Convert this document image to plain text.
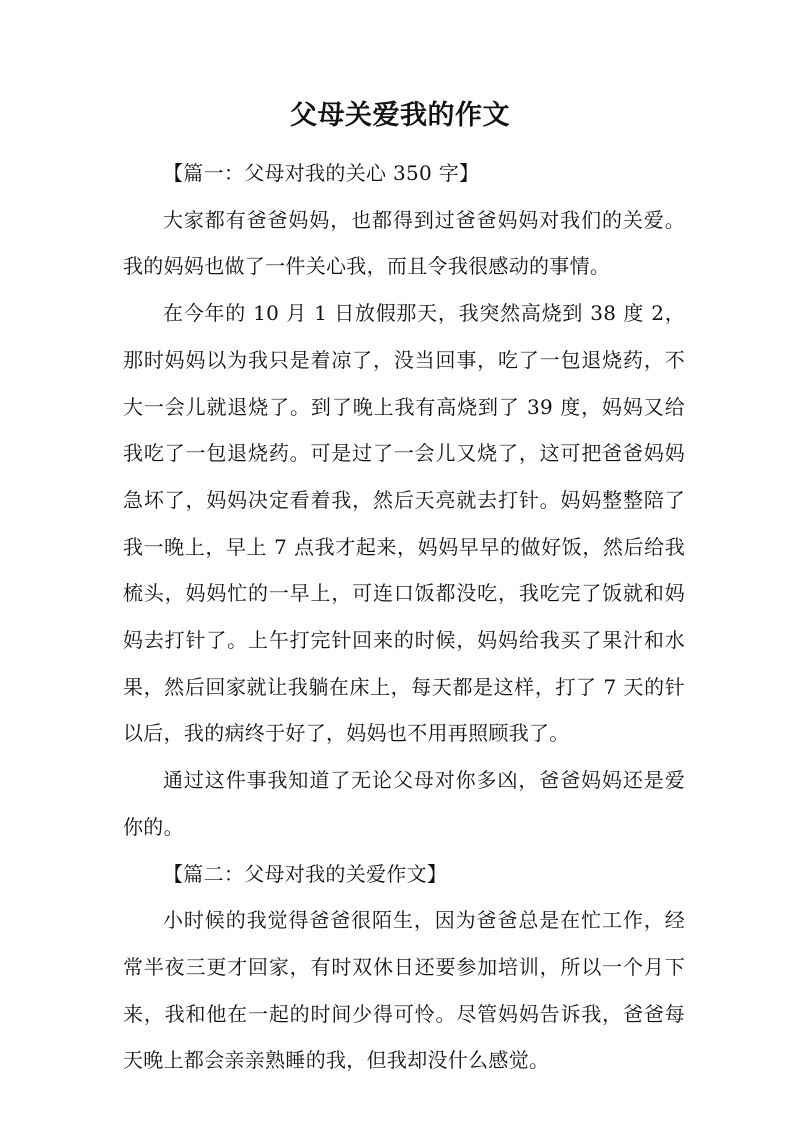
父母关爱我的作文

【篇一：父母对我的关心 350 字】

大家都有爸爸妈妈，也都得到过爸爸妈妈对我们的关爱。我的妈妈也做了一件关心我，而且令我很感动的事情。

在今年的 10 月 1 日放假那天，我突然高烧到 38 度 2，那时妈妈以为我只是着凉了，没当回事，吃了一包退烧药，不大一会儿就退烧了。到了晚上我有高烧到了 39 度，妈妈又给我吃了一包退烧药。可是过了一会儿又烧了，这可把爸爸妈妈急坏了，妈妈决定看着我，然后天亮就去打针。妈妈整整陪了我一晚上，早上 7 点我才起来，妈妈早早的做好饭，然后给我梳头，妈妈忙的一早上，可连口饭都没吃，我吃完了饭就和妈妈去打针了。上午打完针回来的时候，妈妈给我买了果汁和水果，然后回家就让我躺在床上，每天都是这样，打了 7 天的针以后，我的病终于好了，妈妈也不用再照顾我了。

通过这件事我知道了无论父母对你多凶，爸爸妈妈还是爱你的。

【篇二：父母对我的关爱作文】

小时候的我觉得爸爸很陌生，因为爸爸总是在忙工作，经常半夜三更才回家，有时双休日还要参加培训，所以一个月下来，我和他在一起的时间少得可怜。尽管妈妈告诉我，爸爸每天晚上都会亲亲熟睡的我，但我却没什么感觉。
